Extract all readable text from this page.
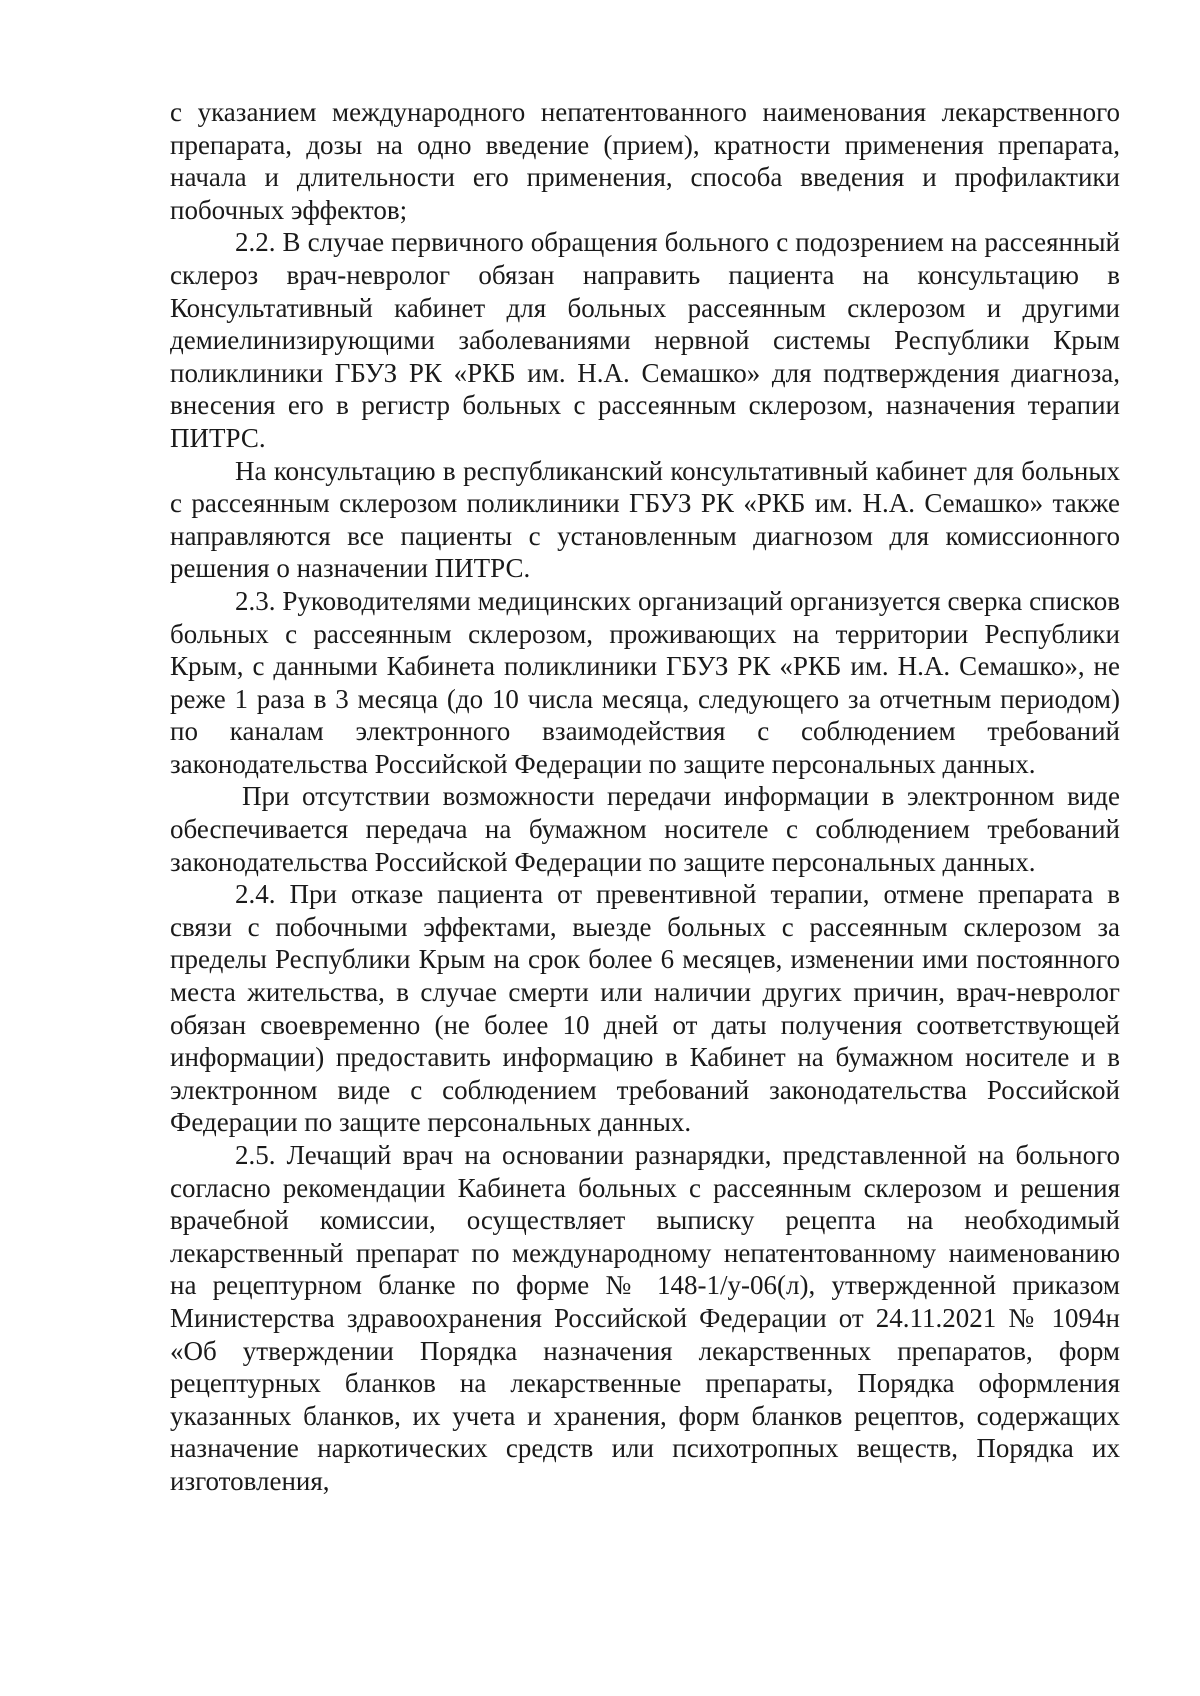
с указанием международного непатентованного наименования лекарственного препарата, дозы на одно введение (прием), кратности применения препарата, начала и длительности его применения, способа введения и профилактики побочных эффектов;

2.2. В случае первичного обращения больного с подозрением на рассеянный склероз врач-невролог обязан направить пациента на консультацию в Консультативный кабинет для больных рассеянным склерозом и другими демиелинизирующими заболеваниями нервной системы Республики Крым поликлиники ГБУЗ РК «РКБ им. Н.А. Семашко» для подтверждения диагноза, внесения его в регистр больных с рассеянным склерозом, назначения терапии ПИТРС.

На консультацию в республиканский консультативный кабинет для больных с рассеянным склерозом поликлиники ГБУЗ РК «РКБ им. Н.А. Семашко» также направляются все пациенты с установленным диагнозом для комиссионного решения о назначении ПИТРС.

2.3. Руководителями медицинских организаций организуется сверка списков больных с рассеянным склерозом, проживающих на территории Республики Крым, с данными Кабинета поликлиники ГБУЗ РК «РКБ им. Н.А. Семашко», не реже 1 раза в 3 месяца (до 10 числа месяца, следующего за отчетным периодом) по каналам электронного взаимодействия с соблюдением требований законодательства Российской Федерации по защите персональных данных.

При отсутствии возможности передачи информации в электронном виде обеспечивается передача на бумажном носителе с соблюдением требований законодательства Российской Федерации по защите персональных данных.

2.4. При отказе пациента от превентивной терапии, отмене препарата в связи с побочными эффектами, выезде больных с рассеянным склерозом за пределы Республики Крым на срок более 6 месяцев, изменении ими постоянного места жительства, в случае смерти или наличии других причин, врач-невролог обязан своевременно (не более 10 дней от даты получения соответствующей информации) предоставить информацию в Кабинет на бумажном носителе и в электронном виде с соблюдением требований законодательства Российской Федерации по защите персональных данных.

2.5. Лечащий врач на основании разнарядки, представленной на больного согласно рекомендации Кабинета больных с рассеянным склерозом и решения врачебной комиссии, осуществляет выписку рецепта на необходимый лекарственный препарат по международному непатентованному наименованию на рецептурном бланке по форме № 148-1/у-06(л), утвержденной приказом Министерства здравоохранения Российской Федерации от 24.11.2021 № 1094н «Об утверждении Порядка назначения лекарственных препаратов, форм рецептурных бланков на лекарственные препараты, Порядка оформления указанных бланков, их учета и хранения, форм бланков рецептов, содержащих назначение наркотических средств или психотропных веществ, Порядка их изготовления,
